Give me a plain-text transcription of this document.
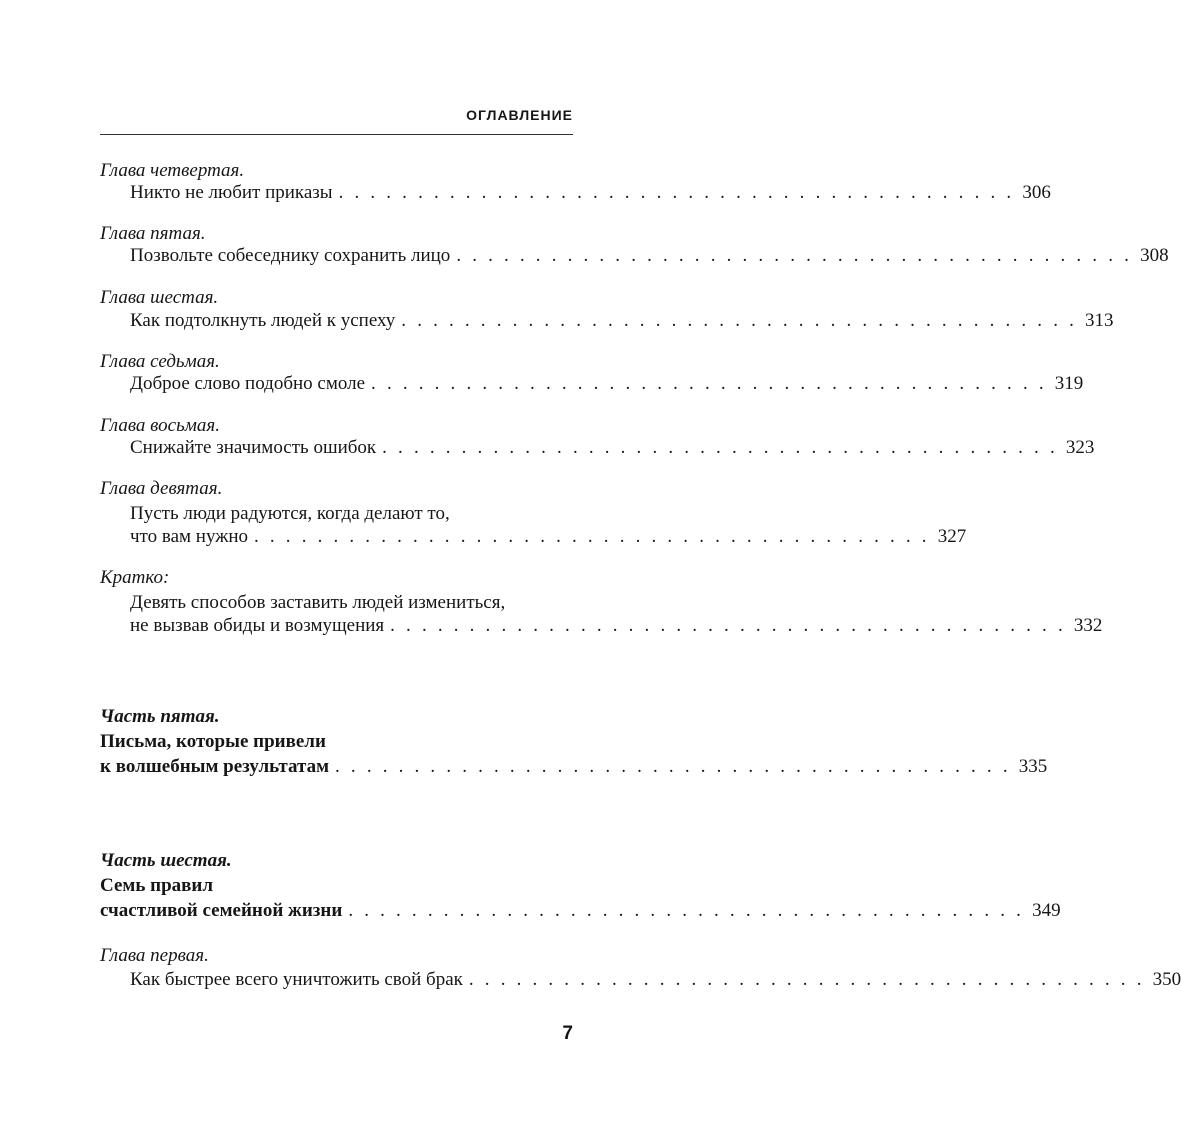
ОГЛАВЛЕНИЕ
Глава четвертая.
Никто не любит приказы . . . . . . . . . . . . . . . . . . . . . . . . . . . . . . . . . . . . . . . . . . . 306
Глава пятая.
Позвольте собеседнику сохранить лицо . . . . . . . . . . . . . . . . . . . . . . . . . . . . . . . . . . . . . . . . . . . 308
Глава шестая.
Как подтолкнуть людей к успеху . . . . . . . . . . . . . . . . . . . . . . . . . . . . . . . . . . . . . . . . . . . 313
Глава седьмая.
Доброе слово подобно смоле . . . . . . . . . . . . . . . . . . . . . . . . . . . . . . . . . . . . . . . . . . . 319
Глава восьмая.
Снижайте значимость ошибок . . . . . . . . . . . . . . . . . . . . . . . . . . . . . . . . . . . . . . . . . . . 323
Глава девятая.
Пусть люди радуются, когда делают то,
что вам нужно . . . . . . . . . . . . . . . . . . . . . . . . . . . . . . . . . . . . . . . . . . . 327
Кратко:
Девять способов заставить людей измениться,
не вызвав обиды и возмущения . . . . . . . . . . . . . . . . . . . . . . . . . . . . . . . . . . . . . . . . . . . 332
Часть пятая.
Письма, которые привели
к волшебным результатам . . . . . . . . . . . . . . . . . . . . . . . . . . . . . . . . . . . . . . . . . . . 335
Часть шестая.
Семь правил
счастливой семейной жизни . . . . . . . . . . . . . . . . . . . . . . . . . . . . . . . . . . . . . . . . . . . 349
Глава первая.
Как быстрее всего уничтожить свой брак . . . . . . . . . . . . . . . . . . . . . . . . . . . . . . . . . . . . . . . . . . . 350
7
